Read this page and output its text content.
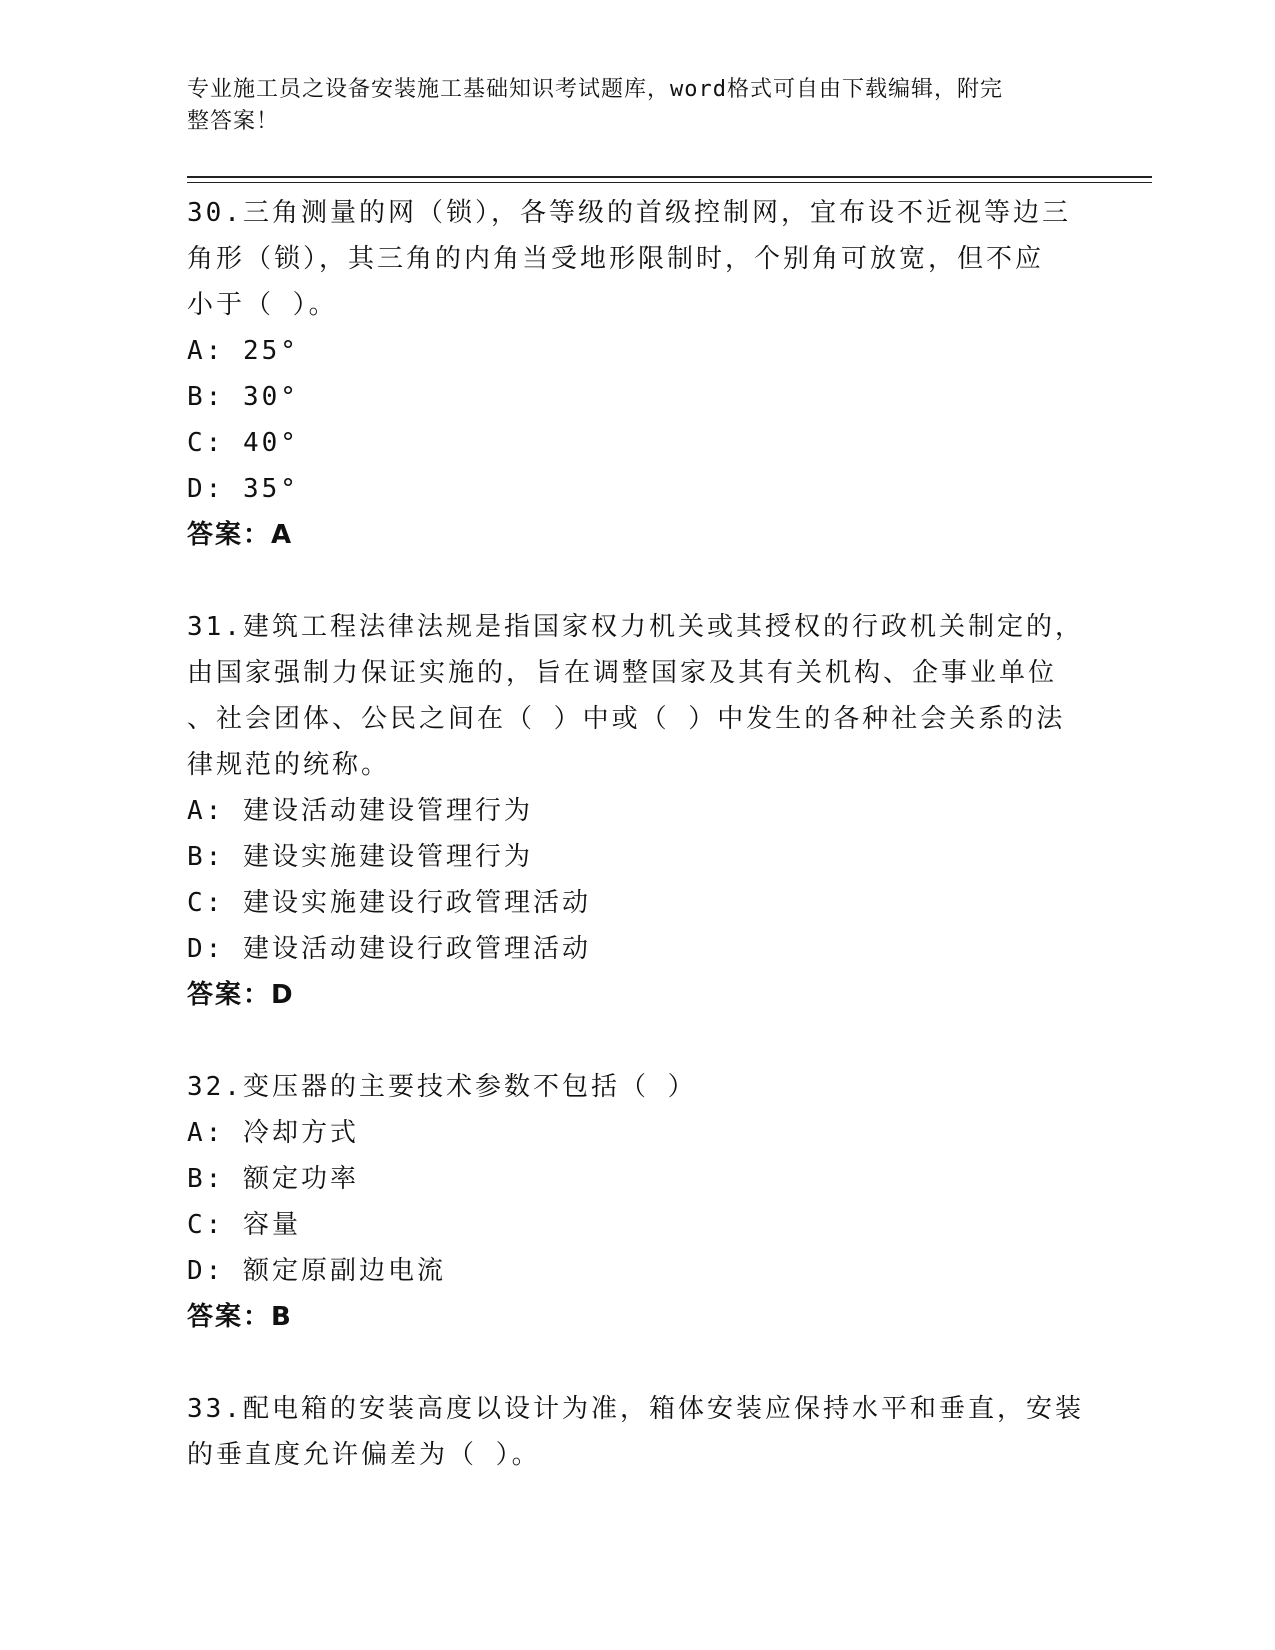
专业施工员之设备安装施工基础知识考试题库，word格式可自由下载编辑，附完
整答案！
30.三角测量的网（锁），各等级的首级控制网，宜布设不近视等边三
角形（锁），其三角的内角当受地形限制时，个别角可放宽，但不应
小于（ ）。
A: 25°
B: 30°
C: 40°
D: 35°
答案：A
31.建筑工程法律法规是指国家权力机关或其授权的行政机关制定的，
由国家强制力保证实施的，旨在调整国家及其有关机构、企事业单位
、社会团体、公民之间在（ ）中或（ ）中发生的各种社会关系的法
律规范的统称。
A: 建设活动建设管理行为
B: 建设实施建设管理行为
C: 建设实施建设行政管理活动
D: 建设活动建设行政管理活动
答案：D
32.变压器的主要技术参数不包括（ ）
A: 冷却方式
B: 额定功率
C: 容量
D: 额定原副边电流
答案：B
33.配电箱的安装高度以设计为准，箱体安装应保持水平和垂直，安装
的垂直度允许偏差为（ ）。
